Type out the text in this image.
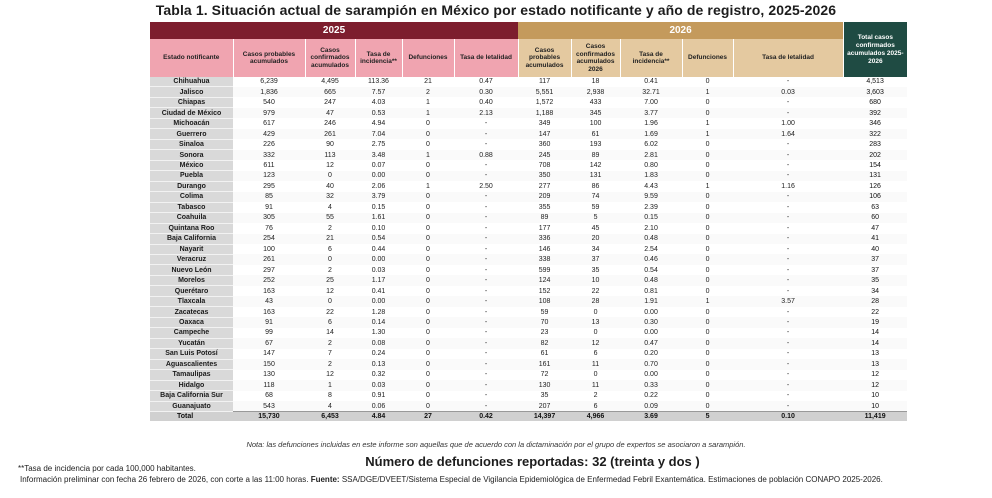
Tabla 1. Situación actual de sarampión en México por estado notificante y año de registro, 2025-2026
2025						2026					Total casos confirmados acumulados 2025-2026
Estado notificante	Casos probables acumulados	Casos confirmados acumulados	Tasa de incidencia**	Defunciones	Tasa de letalidad	Casos probables acumulados	Casos confirmados acumulados 2026	Tasa de incidencia**	Defunciones	Tasa de letalidad	
Chihuahua	6,239	4,495	113.36	21	0.47	117	18	0.41	0	-	4,513
Jalisco	1,836	665	7.57	2	0.30	5,551	2,938	32.71	1	0.03	3,603
Chiapas	540	247	4.03	1	0.40	1,572	433	7.00	0	-	680
Ciudad de México	979	47	0.53	1	2.13	1,188	345	3.77	0	-	392
Michoacán	617	246	4.94	0	-	349	100	1.96	1	1.00	346
Guerrero	429	261	7.04	0	-	147	61	1.69	1	1.64	322
Sinaloa	226	90	2.75	0	-	360	193	6.02	0	-	283
Sonora	332	113	3.48	1	0.88	245	89	2.81	0	-	202
México	611	12	0.07	0	-	708	142	0.80	0	-	154
Puebla	123	0	0.00	0	-	350	131	1.83	0	-	131
Durango	295	40	2.06	1	2.50	277	86	4.43	1	1.16	126
Colima	85	32	3.79	0	-	209	74	9.59	0	-	106
Tabasco	91	4	0.15	0	-	355	59	2.39	0	-	63
Coahuila	305	55	1.61	0	-	89	5	0.15	0	-	60
Quintana Roo	76	2	0.10	0	-	177	45	2.10	0	-	47
Baja California	254	21	0.54	0	-	336	20	0.48	0	-	41
Nayarit	100	6	0.44	0	-	146	34	2.54	0	-	40
Veracruz	261	0	0.00	0	-	338	37	0.46	0	-	37
Nuevo León	297	2	0.03	0	-	599	35	0.54	0	-	37
Morelos	252	25	1.17	0	-	124	10	0.48	0	-	35
Querétaro	163	12	0.41	0	-	152	22	0.81	0	-	34
Tlaxcala	43	0	0.00	0	-	108	28	1.91	1	3.57	28
Zacatecas	163	22	1.28	0	-	59	0	0.00	0	-	22
Oaxaca	91	6	0.14	0	-	70	13	0.30	0	-	19
Campeche	99	14	1.30	0	-	23	0	0.00	0	-	14
Yucatán	67	2	0.08	0	-	82	12	0.47	0	-	14
San Luis Potosí	147	7	0.24	0	-	61	6	0.20	0	-	13
Aguascalientes	150	2	0.13	0	-	161	11	0.70	0	-	13
Tamaulipas	130	12	0.32	0	-	72	0	0.00	0	-	12
Hidalgo	118	1	0.03	0	-	130	11	0.33	0	-	12
Baja California Sur	68	8	0.91	0	-	35	2	0.22	0	-	10
Guanajuato	543	4	0.06	0	-	207	6	0.09	0	-	10
Total	15,730	6,453	4.84	27	0.42	14,397	4,966	3.69	5	0.10	11,419
Nota: las defunciones incluidas en este informe son aquellas que de acuerdo con la dictaminación por el grupo de expertos se asociaron a sarampión.
Número de defunciones reportadas: 32 (treinta y dos )
**Tasa de incidencia por cada 100,000 habitantes.
Información preliminar con fecha 26 febrero de 2026, con corte a las 11:00 horas. Fuente: SSA/DGE/DVEET/Sistema Especial de Vigilancia Epidemiológica de Enfermedad Febril Exantemática. Estimaciones de población CONAPO 2025-2026.
